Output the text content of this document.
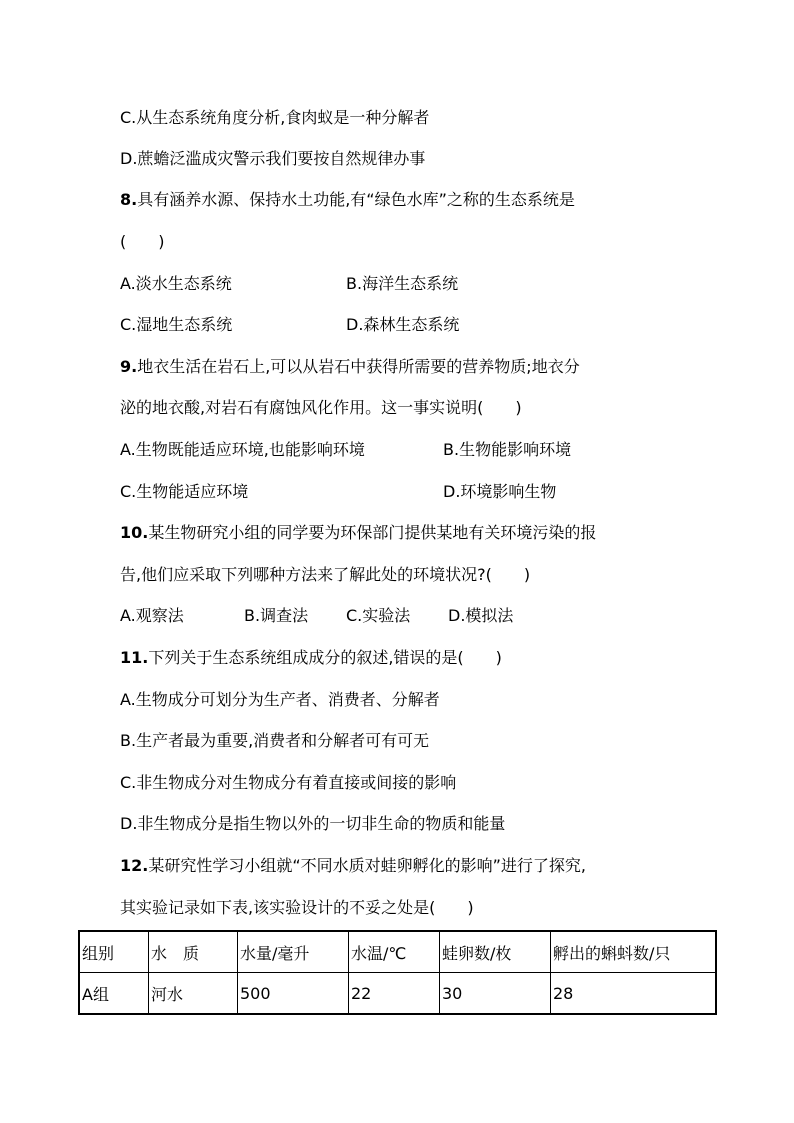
C.从生态系统角度分析,食肉蚁是一种分解者
D.蔗蟾泛滥成灾警示我们要按自然规律办事
8.具有涵养水源、保持水土功能,有“绿色水库”之称的生态系统是
(　　)
A.淡水生态系统	B.海洋生态系统
C.湿地生态系统	D.森林生态系统
9.地衣生活在岩石上,可以从岩石中获得所需要的营养物质;地衣分
泌的地衣酸,对岩石有腐蚀风化作用。这一事实说明(　　)
A.生物既能适应环境,也能影响环境	B.生物能影响环境
C.生物能适应环境	D.环境影响生物
10.某生物研究小组的同学要为环保部门提供某地有关环境污染的报
告,他们应采取下列哪种方法来了解此处的环境状况?(　　)
A.观察法	B.调查法 C.实验法 D.模拟法
11.下列关于生态系统组成成分的叙述,错误的是(　　)
A.生物成分可划分为生产者、消费者、分解者
B.生产者最为重要,消费者和分解者可有可无
C.非生物成分对生物成分有着直接或间接的影响
D.非生物成分是指生物以外的一切非生命的物质和能量
12.某研究性学习小组就“不同水质对蛙卵孵化的影响”进行了探究,
其实验记录如下表,该实验设计的不妥之处是(　　)
组别	水　质	水量/毫升	水温/℃	蛙卵数/枚	孵出的蝌蚪数/只
A组	河水	500	22	30	28
